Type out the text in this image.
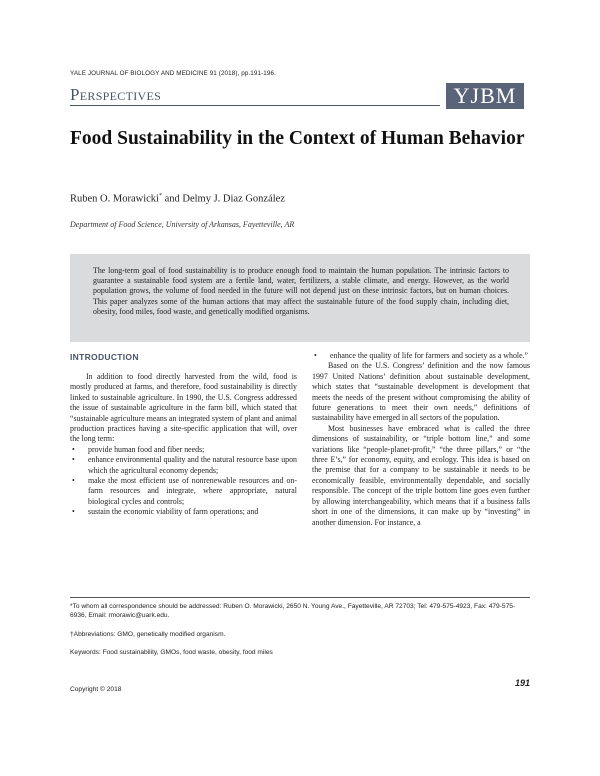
YALE JOURNAL OF BIOLOGY AND MEDICINE 91 (2018), pp.191-196.
Perspectives	YJBM
Food Sustainability in the Context of Human Behavior
Ruben O. Morawicki* and Delmy J. Diaz González
Department of Food Science, University of Arkansas, Fayetteville, AR
The long-term goal of food sustainability is to produce enough food to maintain the human population. The intrinsic factors to guarantee a sustainable food system are a fertile land, water, fertilizers, a stable climate, and energy. However, as the world population grows, the volume of food needed in the future will not depend just on these intrinsic factors, but on human choices. This paper analyzes some of the human actions that may affect the sustainable future of the food supply chain, including diet, obesity, food miles, food waste, and genetically modified organisms.
INTRODUCTION

In addition to food directly harvested from the wild, food is mostly produced at farms, and therefore, food sustainability is directly linked to sustainable agriculture. In 1990, the U.S. Congress addressed the issue of sustainable agriculture in the farm bill, which stated that “sustainable agriculture means an integrated system of plant and animal production practices having a site-specific application that will, over the long term:

• provide human food and fiber needs;
• enhance environmental quality and the natural resource base upon which the agricultural economy depends;
• make the most efficient use of nonrenewable resources and on-farm resources and integrate, where appropriate, natural biological cycles and controls;
• sustain the economic viability of farm operations; and
• enhance the quality of life for farmers and society as a whole.”

Based on the U.S. Congress’ definition and the now famous 1997 United Nations’ definition about sustainable development, which states that “sustainable development is development that meets the needs of the present without compromising the ability of future generations to meet their own needs,” definitions of sustainability have emerged in all sectors of the population.

Most businesses have embraced what is called the three dimensions of sustainability, or “triple bottom line,” and some variations like “people-planet-profit,” “the three pillars,” or “the three E’s,” for economy, equity, and ecology. This idea is based on the premise that for a company to be sustainable it needs to be economically feasible, environmentally dependable, and socially responsible. The concept of the triple bottom line goes even further by allowing interchangeability, which means that if a business falls short in one of the dimensions, it can make up by “investing” in another dimension. For instance, a

*To whom all correspondence should be addressed: Ruben O. Morawicki, 2650 N. Young Ave., Fayetteville, AR 72703; Tel: 479-575-4923, Fax: 479-575-6936, Email: rmorawic@uark.edu.
†Abbreviations: GMO, genetically modified organism.
Keywords: Food sustainability, GMOs, food waste, obesity, food miles
Copyright © 2018
191
